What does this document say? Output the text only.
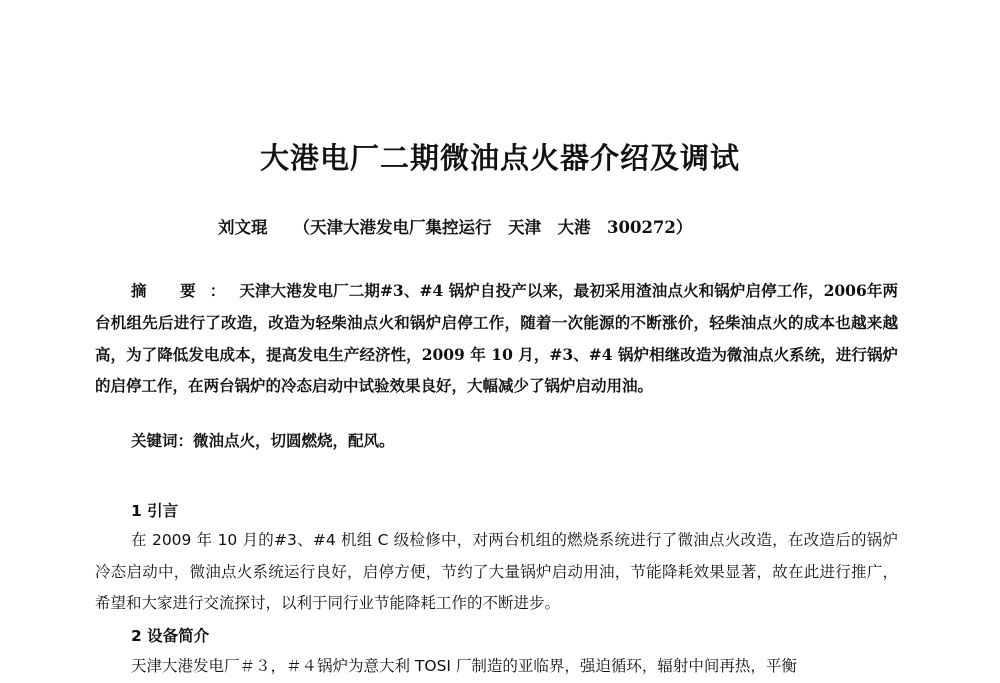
大港电厂二期微油点火器介绍及调试
刘文琨 （天津大港发电厂集控运行　天津　大港　300272）

摘 要：天津大港发电厂二期#3、#4 锅炉自投产以来，最初采用渣油点火和锅炉启停工作，2006年两台机组先后进行了改造，改造为轻柴油点火和锅炉启停工作，随着一次能源的不断涨价，轻柴油点火的成本也越来越高，为了降低发电成本，提高发电生产经济性，2009 年 10 月，#3、#4 锅炉相继改造为微油点火系统，进行锅炉的启停工作，在两台锅炉的冷态启动中试验效果良好，大幅减少了锅炉启动用油。

关键词：微油点火，切圆燃烧，配风。
1 引言

在 2009 年 10 月的#3、#4 机组 C 级检修中，对两台机组的燃烧系统进行了微油点火改造，在改造后的锅炉冷态启动中，微油点火系统运行良好，启停方便，节约了大量锅炉启动用油，节能降耗效果显著，故在此进行推广，希望和大家进行交流探讨，以利于同行业节能降耗工作的不断进步。

2 设备简介

天津大港发电厂＃３，＃４锅炉为意大利 TOSI 厂制造的亚临界，强迫循环，辐射中间再热，平衡
